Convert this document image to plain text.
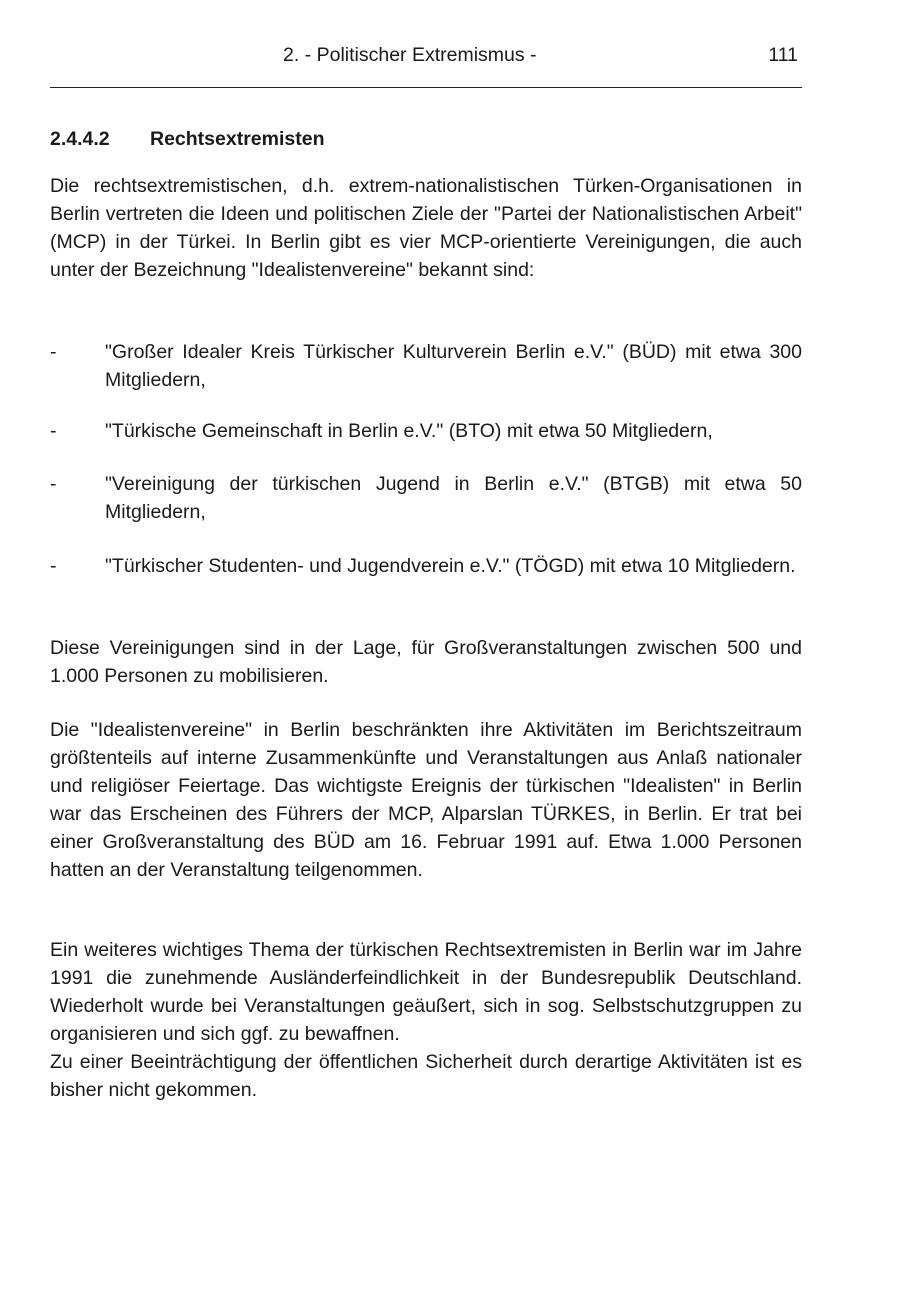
2. - Politischer Extremismus -	111
2.4.4.2 Rechtsextremisten
Die rechtsextremistischen, d.h. extrem-nationalistischen Türken-Organisationen in Berlin vertreten die Ideen und politischen Ziele der "Partei der Nationalistischen Arbeit" (MCP) in der Türkei. In Berlin gibt es vier MCP-orientierte Vereinigungen, die auch unter der Bezeichnung "Idealistenvereine" bekannt sind:
- "Großer Idealer Kreis Türkischer Kulturverein Berlin e.V." (BÜD) mit etwa 300 Mitgliedern,
- "Türkische Gemeinschaft in Berlin e.V." (BTO) mit etwa 50 Mitgliedern,
- "Vereinigung der türkischen Jugend in Berlin e.V." (BTGB) mit etwa 50 Mitgliedern,
- "Türkischer Studenten- und Jugendverein e.V." (TÖGD) mit etwa 10 Mitgliedern.
Diese Vereinigungen sind in der Lage, für Großveranstaltungen zwischen 500 und 1.000 Personen zu mobilisieren.
Die "Idealistenvereine" in Berlin beschränkten ihre Aktivitäten im Berichtszeitraum größtenteils auf interne Zusammenkünfte und Veranstaltungen aus Anlaß nationaler und religiöser Feiertage. Das wichtigste Ereignis der türkischen "Idealisten" in Berlin war das Erscheinen des Führers der MCP, Alparslan TÜRKES, in Berlin. Er trat bei einer Großveranstaltung des BÜD am 16. Februar 1991 auf. Etwa 1.000 Personen hatten an der Veranstaltung teilgenommen.
Ein weiteres wichtiges Thema der türkischen Rechtsextremisten in Berlin war im Jahre 1991 die zunehmende Ausländerfeindlichkeit in der Bundesrepublik Deutschland. Wiederholt wurde bei Veranstaltungen geäußert, sich in sog. Selbstschutzgruppen zu organisieren und sich ggf. zu bewaffnen.
Zu einer Beeinträchtigung der öffentlichen Sicherheit durch derartige Aktivitäten ist es bisher nicht gekommen.
